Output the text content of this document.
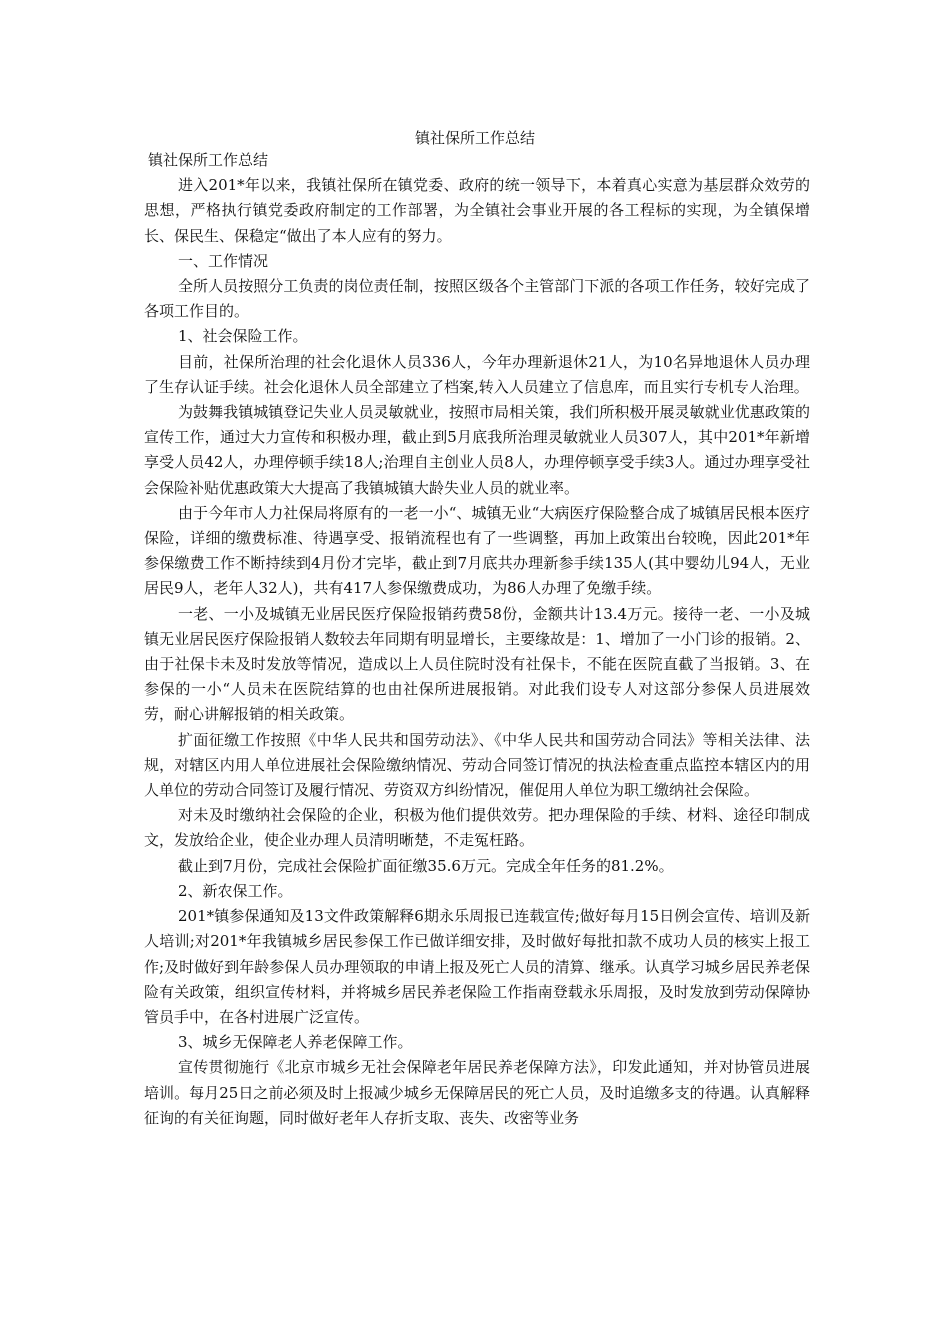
镇社保所工作总结

镇社保所工作总结

进入201*年以来，我镇社保所在镇党委、政府的统一领导下，本着真心实意为基层群众效劳的思想，严格执行镇党委政府制定的工作部署，为全镇社会事业开展的各工程标的实现，为全镇保增长、保民生、保稳定“做出了本人应有的努力。

一、工作情况

全所人员按照分工负责的岗位责任制，按照区级各个主管部门下派的各项工作任务，较好完成了各项工作目的。

1、社会保险工作。

目前，社保所治理的社会化退休人员336人，今年办理新退休21人，为10名异地退休人员办理了生存认证手续。社会化退休人员全部建立了档案,转入人员建立了信息库，而且实行专机专人治理。

为鼓舞我镇城镇登记失业人员灵敏就业，按照市局相关策，我们所积极开展灵敏就业优惠政策的宣传工作，通过大力宣传和积极办理，截止到5月底我所治理灵敏就业人员307人，其中201*年新增享受人员42人，办理停顿手续18人;治理自主创业人员8人，办理停顿享受手续3人。通过办理享受社会保险补贴优惠政策大大提高了我镇城镇大龄失业人员的就业率。

由于今年市人力社保局将原有的一老一小“、城镇无业“大病医疗保险整合成了城镇居民根本医疗保险，详细的缴费标准、待遇享受、报销流程也有了一些调整，再加上政策出台较晚，因此201*年参保缴费工作不断持续到4月份才完毕，截止到7月底共办理新参手续135人(其中婴幼儿94人，无业居民9人，老年人32人)，共有417人参保缴费成功，为86人办理了免缴手续。

一老、一小及城镇无业居民医疗保险报销药费58份，金额共计13.4万元。接待一老、一小及城镇无业居民医疗保险报销人数较去年同期有明显增长，主要缘故是：1、增加了一小门诊的报销。2、由于社保卡未及时发放等情况，造成以上人员住院时没有社保卡，不能在医院直截了当报销。3、在参保的一小“人员未在医院结算的也由社保所进展报销。对此我们设专人对这部分参保人员进展效劳，耐心讲解报销的相关政策。

扩面征缴工作按照《中华人民共和国劳动法》、《中华人民共和国劳动合同法》等相关法律、法规，对辖区内用人单位进展社会保险缴纳情况、劳动合同签订情况的执法检查重点监控本辖区内的用人单位的劳动合同签订及履行情况、劳资双方纠纷情况，催促用人单位为职工缴纳社会保险。

对未及时缴纳社会保险的企业，积极为他们提供效劳。把办理保险的手续、材料、途径印制成文，发放给企业，使企业办理人员清明晰楚，不走冤枉路。

截止到7月份，完成社会保险扩面征缴35.6万元。完成全年任务的81.2%。

2、新农保工作。

201*镇参保通知及13文件政策解释6期永乐周报已连载宣传;做好每月15日例会宣传、培训及新人培训;对201*年我镇城乡居民参保工作已做详细安排，及时做好每批扣款不成功人员的核实上报工作;及时做好到年龄参保人员办理领取的申请上报及死亡人员的清算、继承。认真学习城乡居民养老保险有关政策，组织宣传材料，并将城乡居民养老保险工作指南登载永乐周报，及时发放到劳动保障协管员手中，在各村进展广泛宣传。

3、城乡无保障老人养老保障工作。

宣传贯彻施行《北京市城乡无社会保障老年居民养老保障方法》，印发此通知，并对协管员进展培训。每月25日之前必须及时上报减少城乡无保障居民的死亡人员，及时追缴多支的待遇。认真解释征询的有关征询题，同时做好老年人存折支取、丧失、改密等业务
